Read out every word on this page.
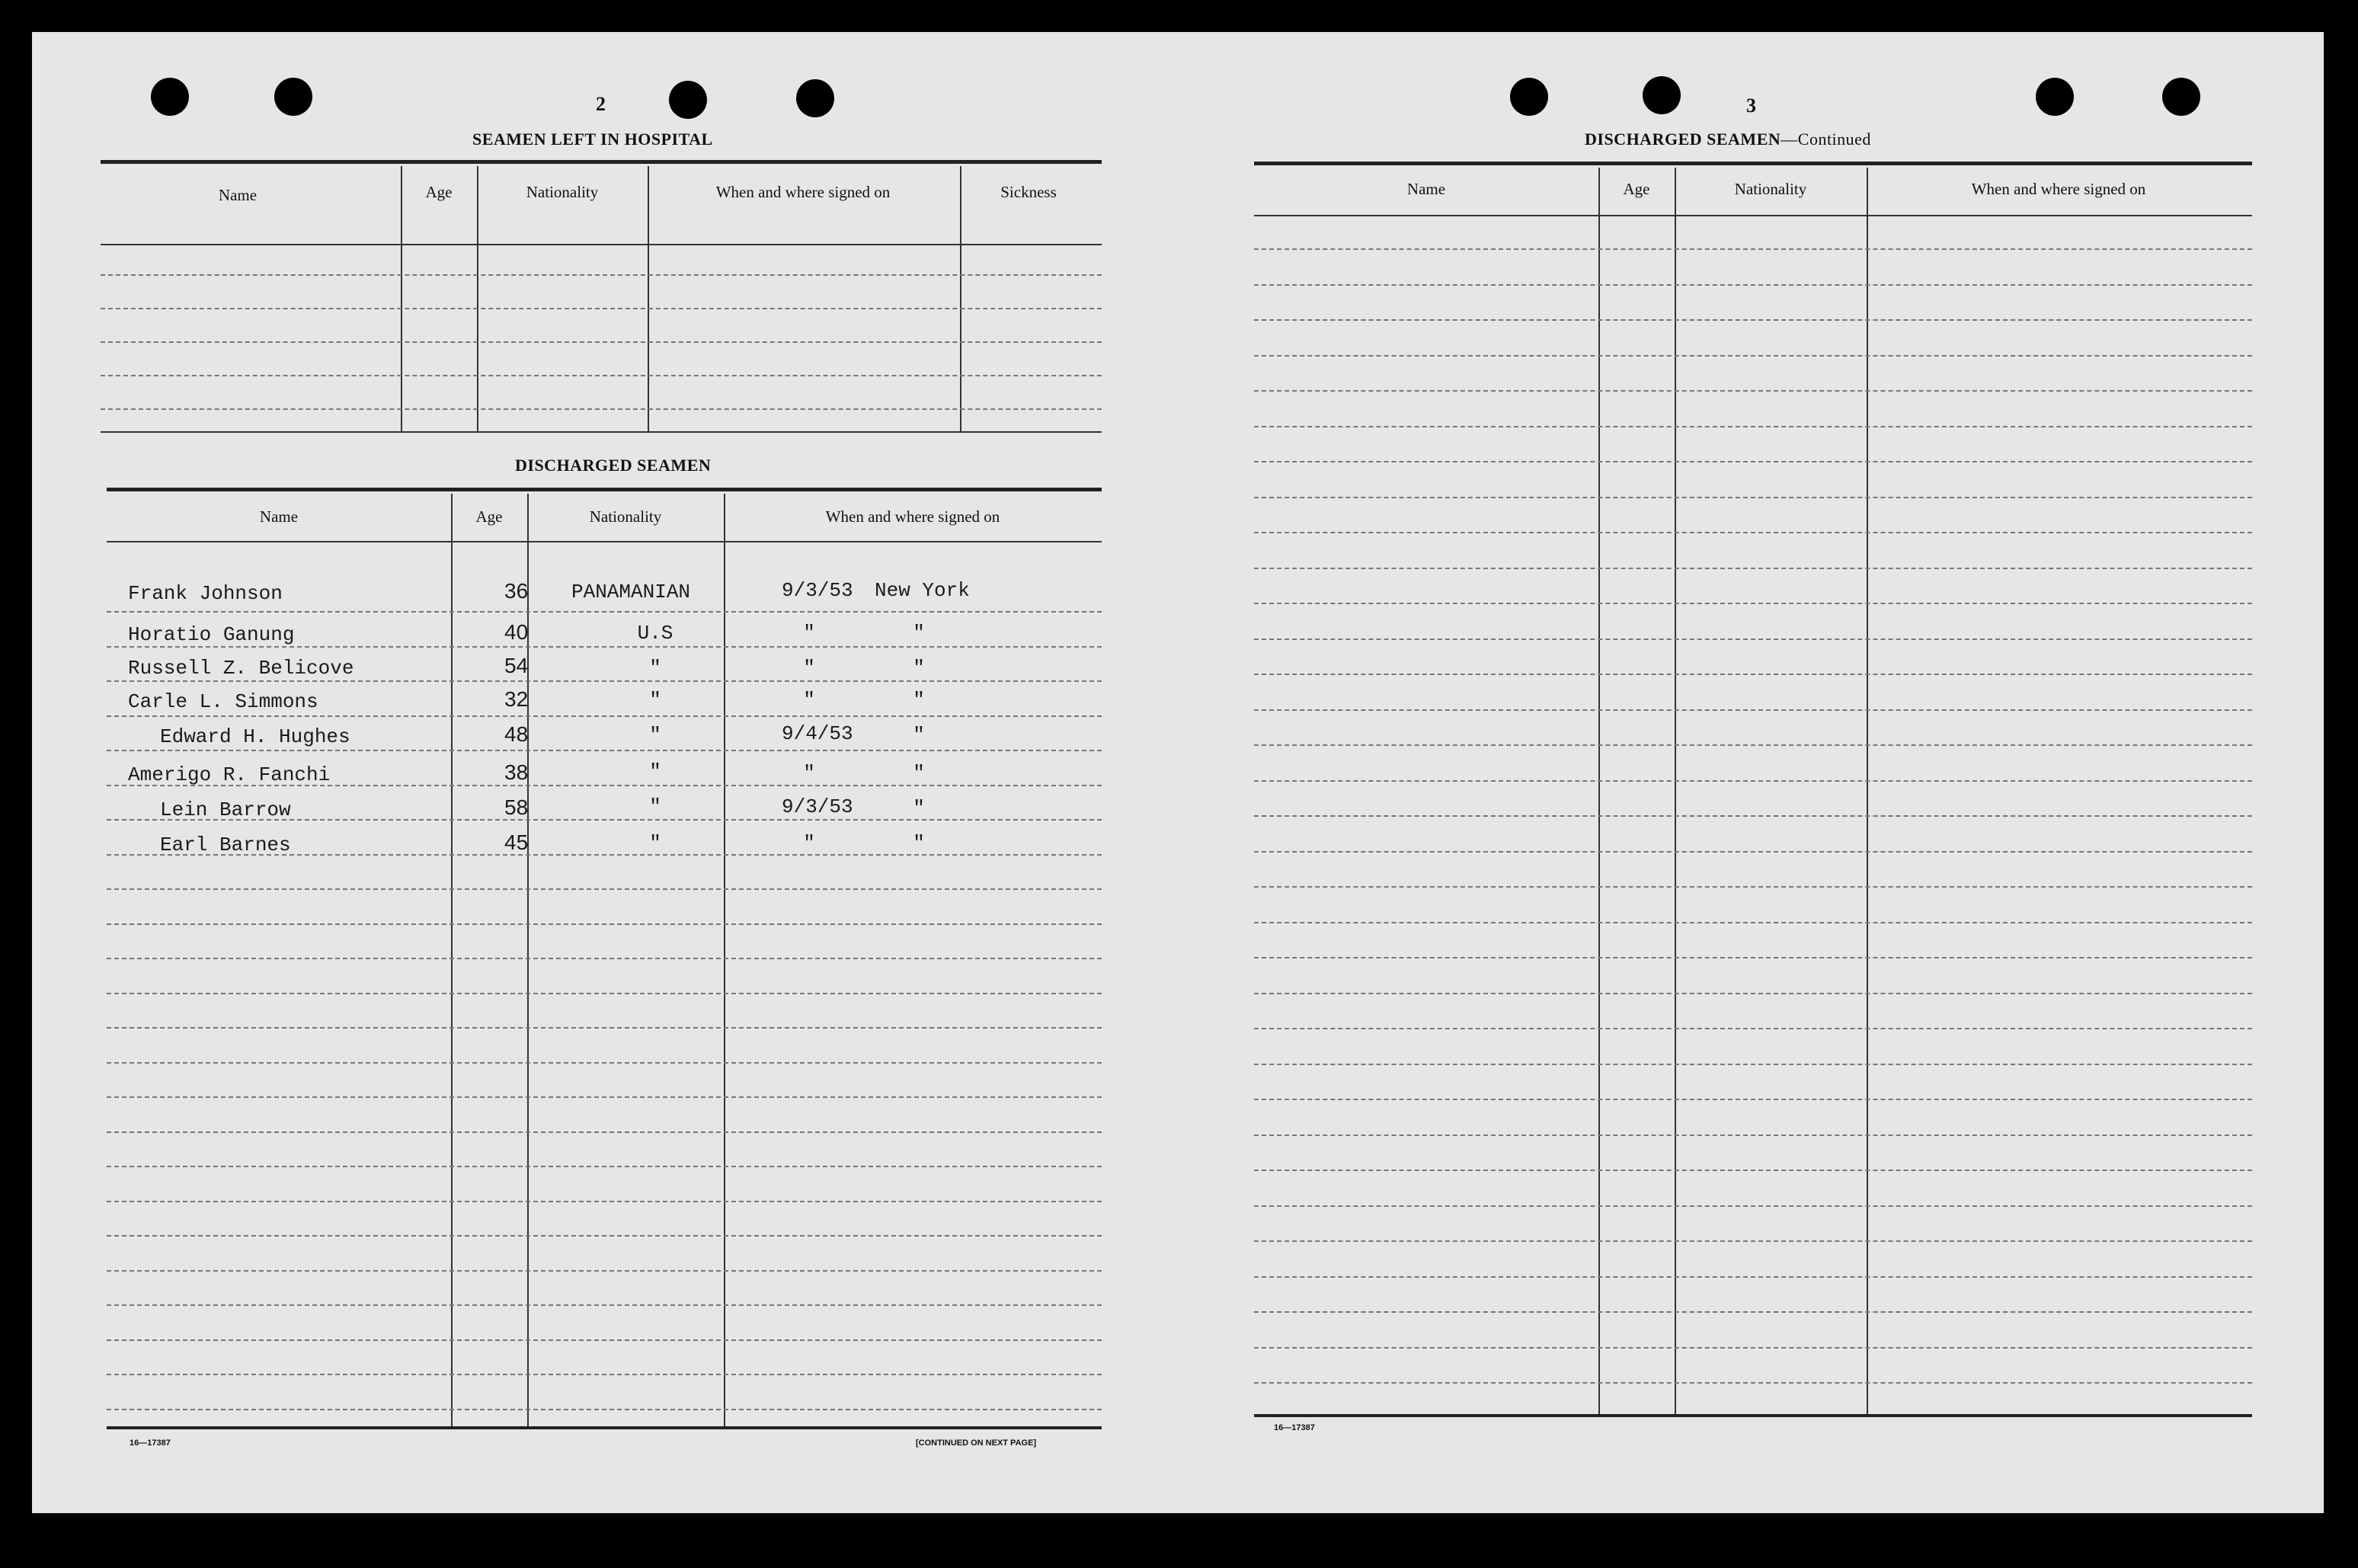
2
SEAMEN LEFT IN HOSPITAL
Name	Age	Nationality	When and where signed on	Sickness
DISCHARGED SEAMEN
Name	Age	Nationality	When and where signed on
Frank Johnson	36 PANAMANIAN	9/3/53 New York
Horatio Ganung	40	U.S	"	"
Russell Z. Belicove	54	"	"	"
Carle L. Simmons	32	"	"	"
Edward H. Hughes	48	"	9/4/53	"
Amerigo R. Fanchi	38	"	"	"
Lein Barrow	58	"	9/3/53	"
Earl Barnes	45	"	"	"
16—17387	[CONTINUED ON NEXT PAGE]
3
DISCHARGED SEAMEN—Continued
Name	Age	Nationality	When and where signed on
16—17387
